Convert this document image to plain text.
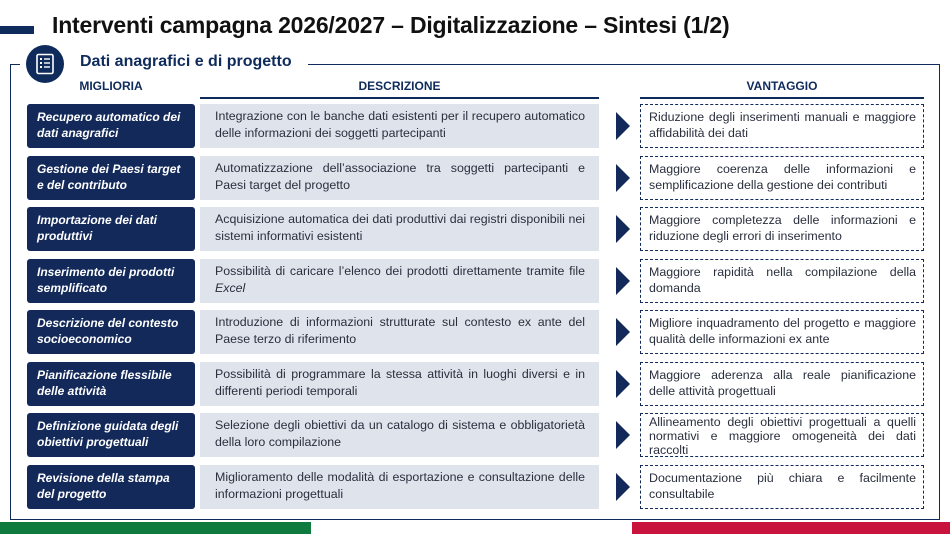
Interventi campagna 2026/2027 – Digitalizzazione – Sintesi (1/2)
Dati anagrafici e di progetto
MIGLIORIA	DESCRIZIONE	VANTAGGIO
Recupero automatico dei dati anagrafici
Integrazione con le banche dati esistenti per il recupero automatico delle informazioni dei soggetti partecipanti
Riduzione degli inserimenti manuali e maggiore affidabilità dei dati
Gestione dei Paesi target e del contributo
Automatizzazione dell’associazione tra soggetti partecipanti e Paesi target del progetto
Maggiore coerenza delle informazioni e semplificazione della gestione dei contributi
Importazione dei dati produttivi
Acquisizione automatica dei dati produttivi dai registri disponibili nei sistemi informativi esistenti
Maggiore completezza delle informazioni e riduzione degli errori di inserimento
Inserimento dei prodotti semplificato
Possibilità di caricare l’elenco dei prodotti direttamente tramite file Excel
Maggiore rapidità nella compilazione della domanda
Descrizione del contesto socioeconomico
Introduzione di informazioni strutturate sul contesto ex ante del Paese terzo di riferimento
Migliore inquadramento del progetto e maggiore qualità delle informazioni ex ante
Pianificazione flessibile delle attività
Possibilità di programmare la stessa attività in luoghi diversi e in differenti periodi temporali
Maggiore aderenza alla reale pianificazione delle attività progettuali
Definizione guidata degli obiettivi progettuali
Selezione degli obiettivi da un catalogo di sistema e obbligatorietà della loro compilazione
Allineamento degli obiettivi progettuali a quelli normativi e maggiore omogeneità dei dati raccolti
Revisione della stampa del progetto
Miglioramento delle modalità di esportazione e consultazione delle informazioni progettuali
Documentazione più chiara e facilmente consultabile
